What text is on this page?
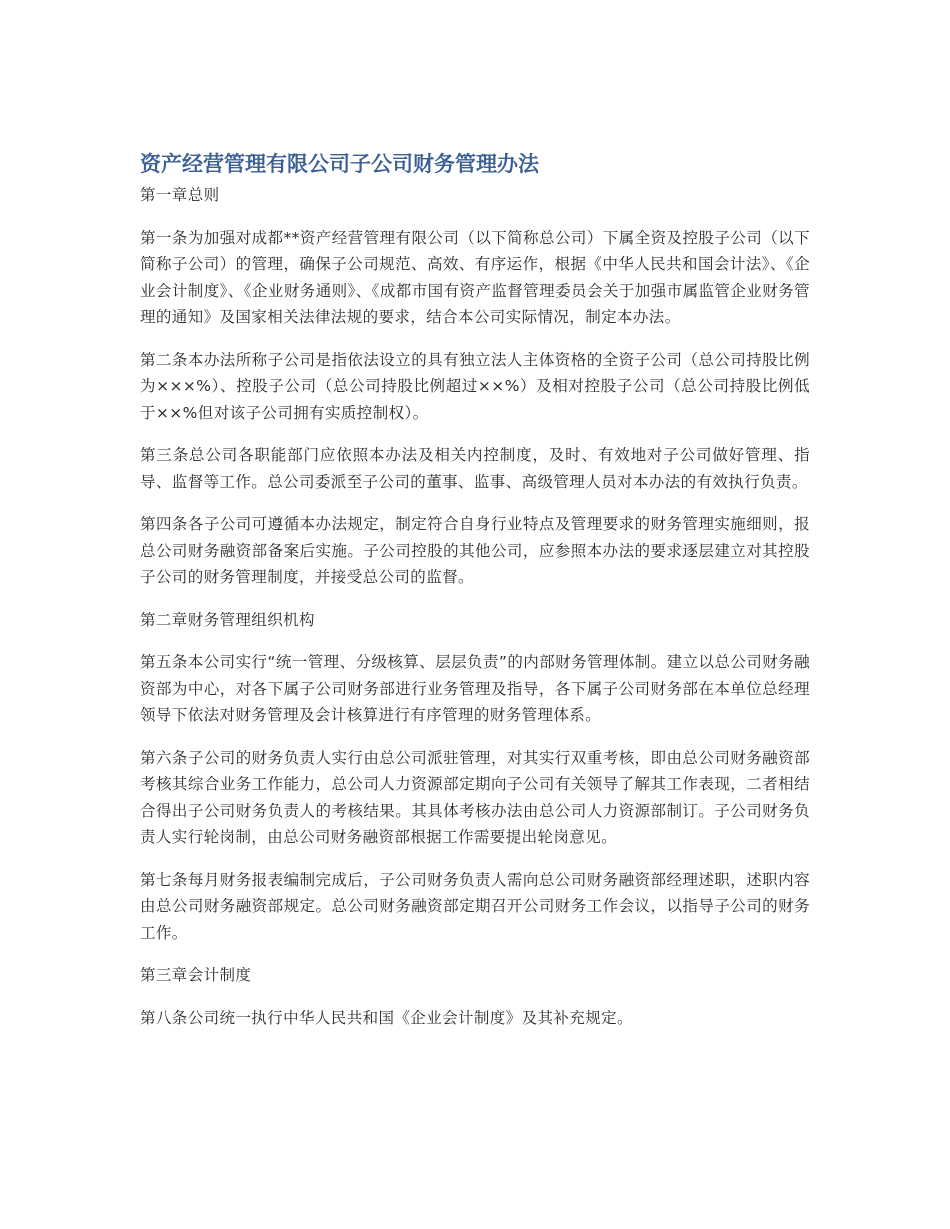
资产经营管理有限公司子公司财务管理办法

第一章总则

第一条为加强对成都**资产经营管理有限公司（以下简称总公司）下属全资及控股子公司（以下简称子公司）的管理，确保子公司规范、高效、有序运作，根据《中华人民共和国会计法》、《企业会计制度》、《企业财务通则》、《成都市国有资产监督管理委员会关于加强市属监管企业财务管理的通知》及国家相关法律法规的要求，结合本公司实际情况，制定本办法。

第二条本办法所称子公司是指依法设立的具有独立法人主体资格的全资子公司（总公司持股比例为×××%）、控股子公司（总公司持股比例超过××%）及相对控股子公司（总公司持股比例低于××%但对该子公司拥有实质控制权）。

第三条总公司各职能部门应依照本办法及相关内控制度，及时、有效地对子公司做好管理、指导、监督等工作。总公司委派至子公司的董事、监事、高级管理人员对本办法的有效执行负责。

第四条各子公司可遵循本办法规定，制定符合自身行业特点及管理要求的财务管理实施细则，报总公司财务融资部备案后实施。子公司控股的其他公司，应参照本办法的要求逐层建立对其控股子公司的财务管理制度，并接受总公司的监督。

第二章财务管理组织机构

第五条本公司实行“统一管理、分级核算、层层负责”的内部财务管理体制。建立以总公司财务融资部为中心，对各下属子公司财务部进行业务管理及指导，各下属子公司财务部在本单位总经理领导下依法对财务管理及会计核算进行有序管理的财务管理体系。

第六条子公司的财务负责人实行由总公司派驻管理，对其实行双重考核，即由总公司财务融资部考核其综合业务工作能力，总公司人力资源部定期向子公司有关领导了解其工作表现，二者相结合得出子公司财务负责人的考核结果。其具体考核办法由总公司人力资源部制订。子公司财务负责人实行轮岗制，由总公司财务融资部根据工作需要提出轮岗意见。

第七条每月财务报表编制完成后，子公司财务负责人需向总公司财务融资部经理述职，述职内容由总公司财务融资部规定。总公司财务融资部定期召开公司财务工作会议，以指导子公司的财务工作。

第三章会计制度

第八条公司统一执行中华人民共和国《企业会计制度》及其补充规定。
